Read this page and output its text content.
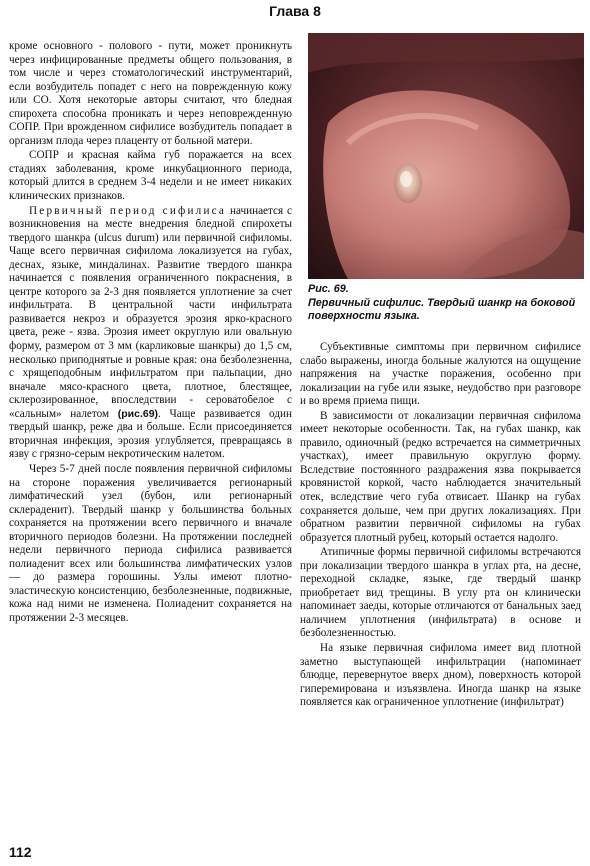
Глава 8

кроме основного - полового - пути, может проникнуть через инфицированные предметы общего пользования, в том числе и через стоматологический инструментарий, если возбудитель попадет с него на поврежденную кожу или СО. Хотя некоторые авторы считают, что бледная спирохета способна проникать и через неповрежденную СОПР. При врожденном сифилисе возбудитель попадает в организм плода через плаценту от больной матери.

СОПР и красная кайма губ поражается на всех стадиях заболевания, кроме инкубационного периода, который длится в среднем 3-4 недели и не имеет никаких клинических признаков.

Первичный период сифилиса начинается с возникновения на месте внедрения бледной спирохеты твердого шанкра (ulcus durum) или первичной сифиломы. Чаще всего первичная сифилома локализуется на губах, деснах, языке, миндалинах. Развитие твердого шанкра начинается с появления ограниченного покраснения, в центре которого за 2-3 дня появляется уплотнение за счет инфильтрата. В центральной части инфильтрата развивается некроз и образуется эрозия ярко-красного цвета, реже - язва. Эрозия имеет округлую или овальную форму, размером от 3 мм (карликовые шанкры) до 1,5 см, несколько приподнятые и ровные края: она безболезненна, с хрящеподобным инфильтратом при пальпации, дно вначале мясо-красного цвета, плотное, блестящее, склерозированное, впоследствии - сероватобелое с «сальным» налетом (рис.69). Чаще развивается один твердый шанкр, реже два и больше. Если присоединяется вторичная инфекция, эрозия углубляется, превращаясь в язву с грязно-серым некротическим налетом.

Через 5-7 дней после появления первичной сифиломы на стороне поражения увеличивается регионарный лимфатический узел (бубон, или регионарный склераденит). Твердый шанкр у большинства больных сохраняется на протяжении всего первичного и вначале вторичного периодов болезни. На протяжении последней недели первичного периода сифилиса развивается полиаденит всех или большинства лимфатических узлов — до размера горошины. Узлы имеют плотно-эластическую консистенцию, безболезненные, подвижные, кожа над ними не изменена. Полиаденит сохраняется на протяжении 2-3 месяцев.

Рис. 69.
Первичный сифилис. Твердый шанкр на боковой поверхности языка.

Субъективные симптомы при первичном сифилисе слабо выражены, иногда больные жалуются на ощущение напряжения на участке поражения, особенно при локализации на губе или языке, неудобство при разговоре и во время приема пищи.

В зависимости от локализации первичная сифилома имеет некоторые особенности. Так, на губах шанкр, как правило, одиночный (редко встречается на симметричных участках), имеет правильную округлую форму. Вследствие постоянного раздражения язва покрывается кровянистой коркой, часто наблюдается значительный отек, вследствие чего губа отвисает. Шанкр на губах сохраняется дольше, чем при других локализациях. При обратном развитии первичной сифиломы на губах образуется плотный рубец, который остается надолго.

Атипичные формы первичной сифиломы встречаются при локализации твердого шанкра в углах рта, на десне, переходной складке, языке, где твердый шанкр приобретает вид трещины. В углу рта он клинически напоминает заеды, которые отличаются от банальных заед наличием уплотнения (инфильтрата) в основе и безболезненностью.

На языке первичная сифилома имеет вид плотной заметно выступающей инфильтрации (напоминает блюдце, перевернутое вверх дном), поверхность которой гиперемирована и изъязвлена. Иногда шанкр на языке появляется как ограниченное уплотнение (инфильтрат)

112
